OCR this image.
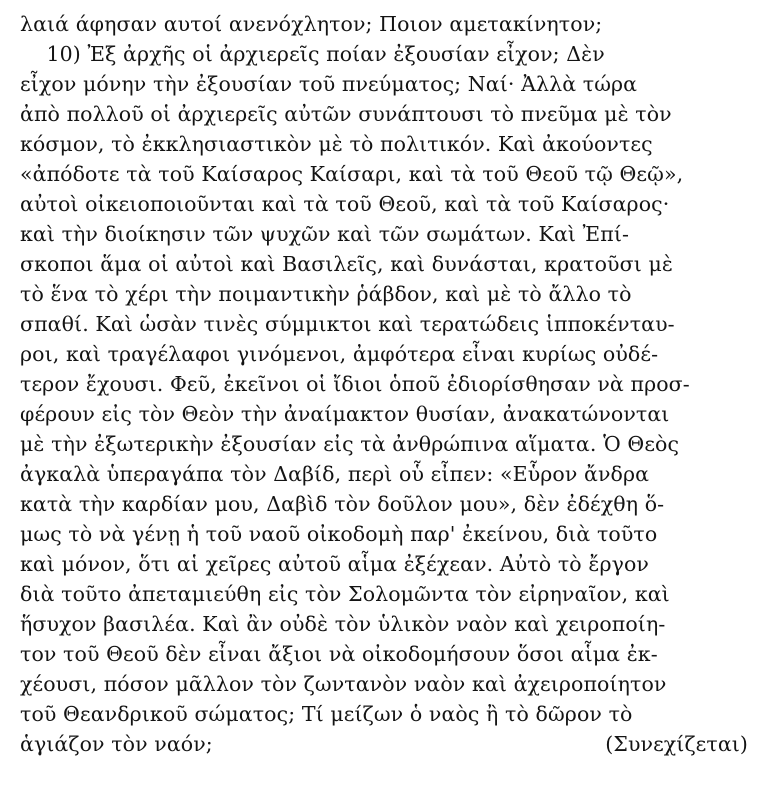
λαιά άφησαν αυτοί ανενόχλητον; Ποιον αμετακίνητον;
10) Ἐξ ἀρχῆς οἱ ἀρχιερεῖς ποίαν ἐξουσίαν εἶχον; Δὲν
εἶχον μόνην τὴν ἐξουσίαν τοῦ πνεύματος; Ναί· Ἀλλὰ τώρα
ἀπὸ πολλοῦ οἱ ἀρχιερεῖς αὐτῶν συνάπτουσι τὸ πνεῦμα μὲ τὸν
κόσμον, τὸ ἐκκλησιαστικὸν μὲ τὸ πολιτικόν. Καὶ ἀκούοντες
«ἀπόδοτε τὰ τοῦ Καίσαρος Καίσαρι, καὶ τὰ τοῦ Θεοῦ τῷ Θεῷ»,
αὐτοὶ οἰκειοποιοῦνται καὶ τὰ τοῦ Θεοῦ, καὶ τὰ τοῦ Καίσαρος·
καὶ τὴν διοίκησιν τῶν ψυχῶν καὶ τῶν σωμάτων. Καὶ Ἐπί-
σκοποι ἅμα οἱ αὐτοὶ καὶ Βασιλεῖς, καὶ δυνάσται, κρατοῦσι μὲ
τὸ ἕνα τὸ χέρι τὴν ποιμαντικὴν ῥάβδον, καὶ μὲ τὸ ἄλλο τὸ
σπαθί. Καὶ ὡσὰν τινὲς σύμμικτοι καὶ τερατώδεις ἱπποκένταυ-
ροι, καὶ τραγέλαφοι γινόμενοι, ἀμφότερα εἶναι κυρίως οὐδέ-
τερον ἔχουσι. Φεῦ, ἐκεῖνοι οἱ ἴδιοι ὁποῦ ἐδιορίσθησαν νὰ προσ-
φέρουν εἰς τὸν Θεὸν τὴν ἀναίμακτον θυσίαν, ἀνακατώνονται
μὲ τὴν ἐξωτερικὴν ἐξουσίαν εἰς τὰ ἀνθρώπινα αἵματα. Ὁ Θεὸς
ἀγκαλὰ ὑπεραγάπα τὸν Δαβίδ, περὶ οὗ εἶπεν: «Εὗρον ἄνδρα
κατὰ τὴν καρδίαν μου, Δαβὶδ τὸν δοῦλον μου», δὲν ἐδέχθη ὅ-
μως τὸ νὰ γένῃ ἡ τοῦ ναοῦ οἰκοδομὴ παρ' ἐκείνου, διὰ τοῦτο
καὶ μόνον, ὅτι αἱ χεῖρες αὐτοῦ αἷμα ἐξέχεαν. Αὐτὸ τὸ ἔργον
διὰ τοῦτο ἀπεταμιεύθη εἰς τὸν Σολομῶντα τὸν εἰρηναῖον, καὶ
ἥσυχον βασιλέα. Καὶ ἂν οὐδὲ τὸν ὑλικὸν ναὸν καὶ χειροποίη-
τον τοῦ Θεοῦ δὲν εἶναι ἄξιοι νὰ οἰκοδομήσουν ὅσοι αἷμα ἐκ-
χέουσι, πόσον μᾶλλον τὸν ζωντανὸν ναὸν καὶ ἀχειροποίητον
τοῦ Θεανδρικοῦ σώματος; Τί μείζων ὁ ναὸς ἢ τὸ δῶρον τὸ
ἁγιάζον τὸν ναόν;	(Συνεχίζεται)
